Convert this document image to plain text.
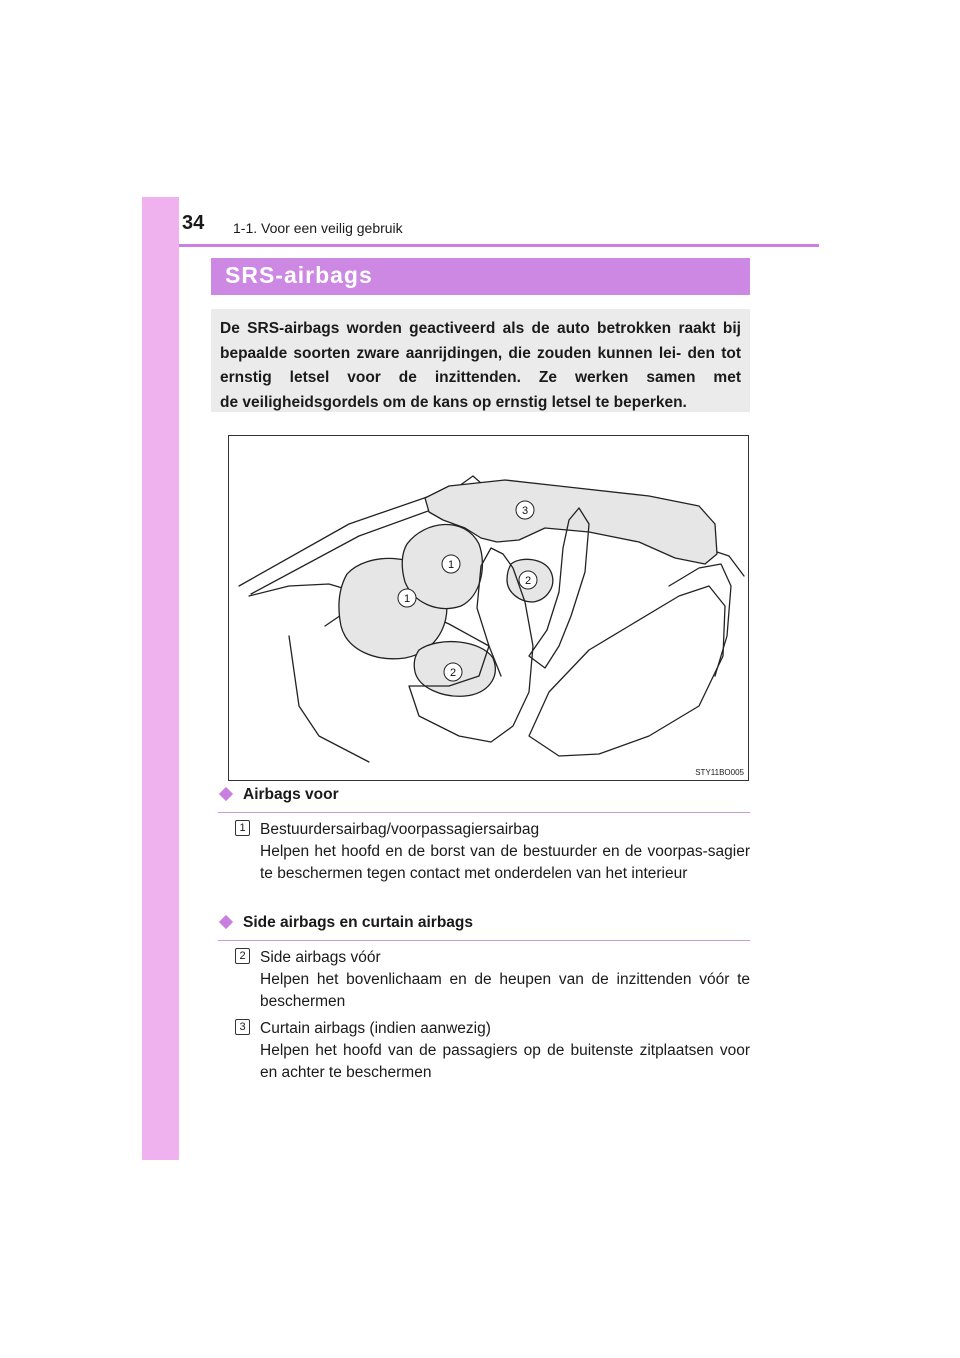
34 1-1. Voor een veilig gebruik
SRS-airbags

De SRS-airbags worden geactiveerd als de auto betrokken raakt bij bepaalde soorten zware aanrijdingen, die zouden kunnen lei- den tot ernstig letsel voor de inzittenden. Ze werken samen met
de veiligheidsgordels om de kans op ernstig letsel te beperken.

1
1
2
2
3
STY11BO005
Airbags voor
1 Bestuurdersairbag/voorpassagiersairbag
Helpen het hoofd en de borst van de bestuurder en de voorpas-sagier te beschermen tegen contact met onderdelen van het interieur
Side airbags en curtain airbags
2 Side airbags vóór
Helpen het bovenlichaam en de heupen van de inzittenden vóór te beschermen
3 Curtain airbags (indien aanwezig)
Helpen het hoofd van de passagiers op de buitenste zitplaatsen voor en achter te beschermen
